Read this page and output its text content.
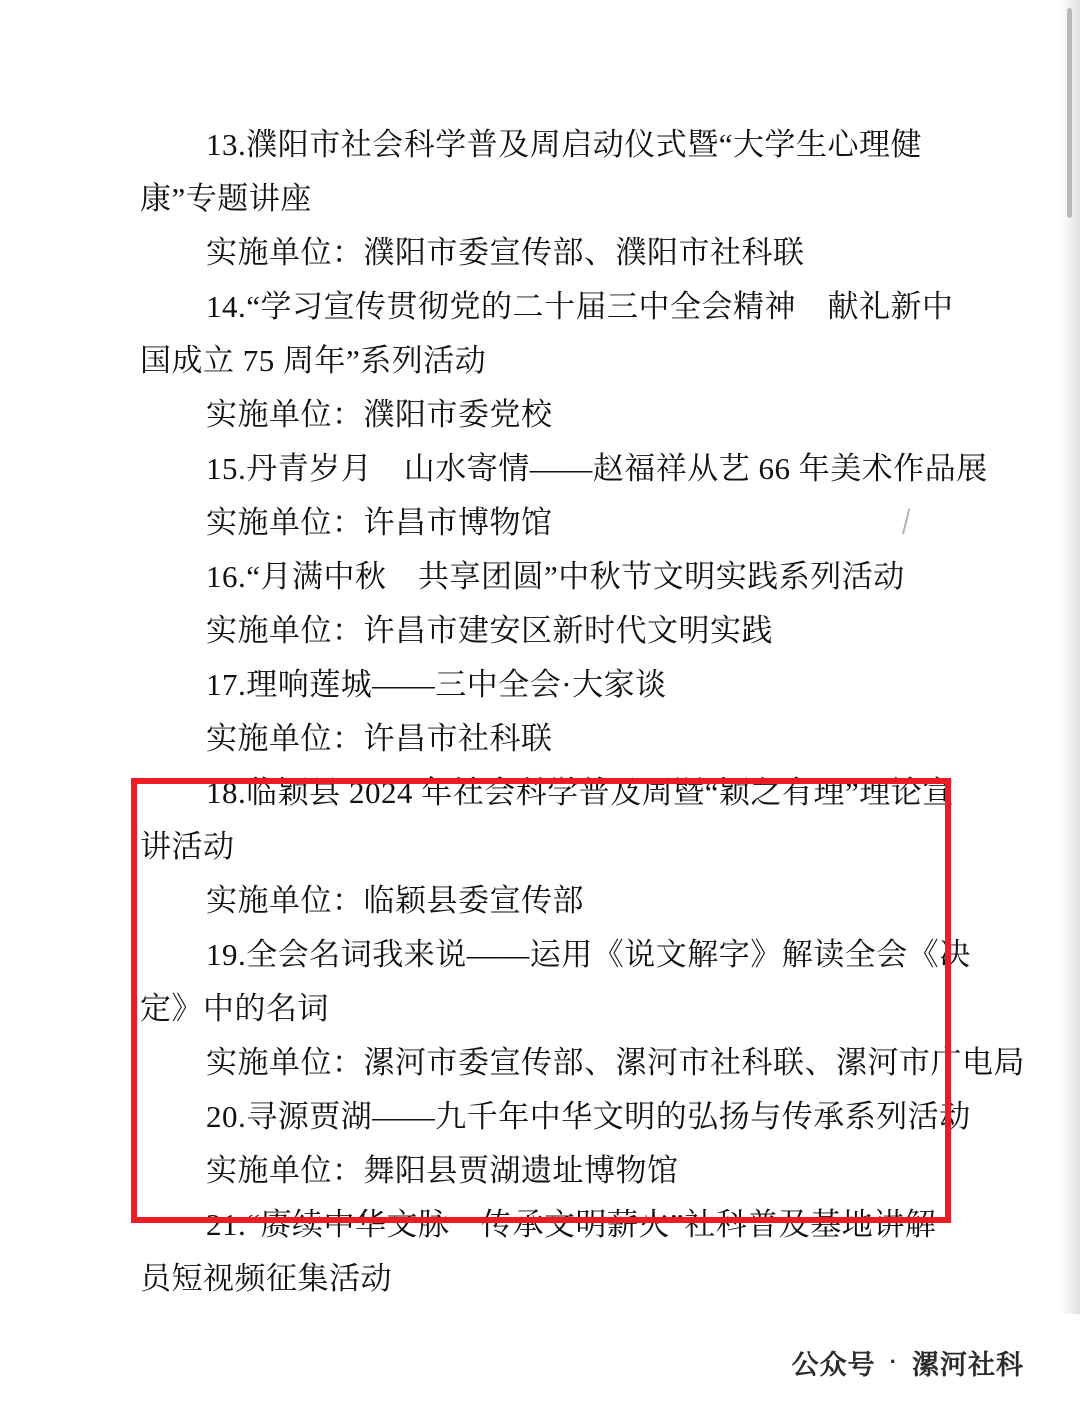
13.濮阳市社会科学普及周启动仪式暨“大学生心理健
康”专题讲座
实施单位：濮阳市委宣传部、濮阳市社科联
14.“学习宣传贯彻党的二十届三中全会精神　献礼新中
国成立 75 周年”系列活动
实施单位：濮阳市委党校
15.丹青岁月　山水寄情——赵福祥从艺 66 年美术作品展
实施单位：许昌市博物馆
16.“月满中秋　共享团圆”中秋节文明实践系列活动
实施单位：许昌市建安区新时代文明实践
17.理响莲城——三中全会·大家谈
实施单位：许昌市社科联
18.临颖县 2024 年社会科学普及周暨“颖之有理”理论宣
讲活动
实施单位：临颖县委宣传部
19.全会名词我来说——运用《说文解字》解读全会《决
定》中的名词
实施单位：漯河市委宣传部、漯河市社科联、漯河市广电局
20.寻源贾湖——九千年中华文明的弘扬与传承系列活动
实施单位：舞阳县贾湖遗址博物馆
21.“赓续中华文脉　传承文明薪火”社科普及基地讲解
员短视频征集活动
公众号 · 漯河社科
